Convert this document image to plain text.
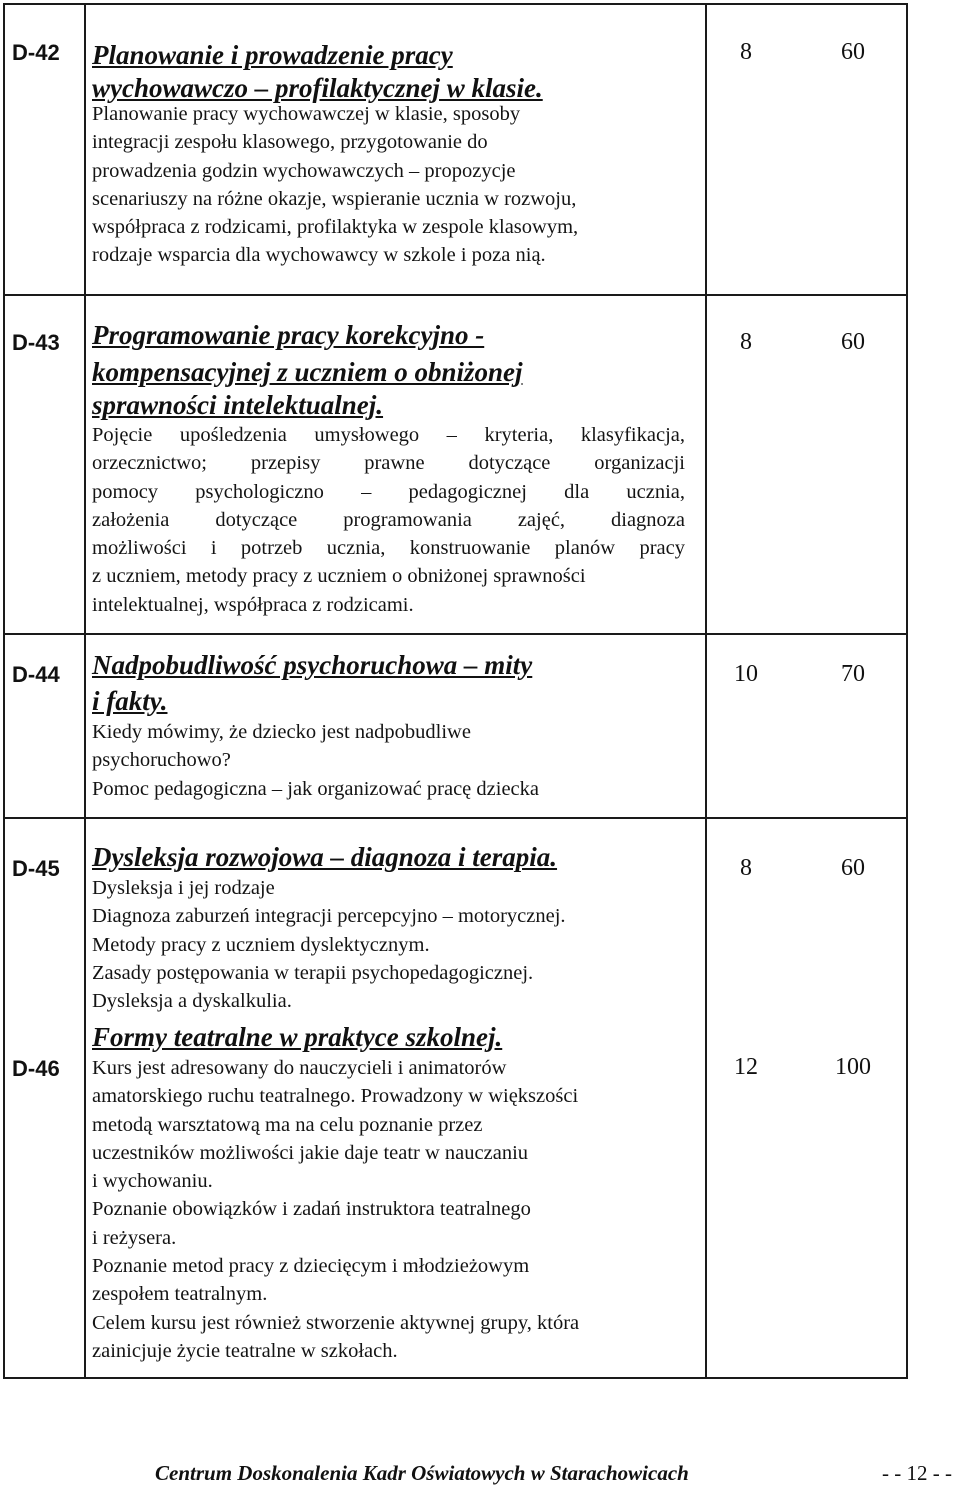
D-42 Planowanie i prowadzenie pracy
wychowawczo – profilaktycznej w klasie.
Planowanie pracy wychowawczej w klasie, sposoby
integracji zespołu klasowego, przygotowanie do
prowadzenia godzin wychowawczych – propozycje
scenariuszy na różne okazje, wspieranie ucznia w rozwoju,
współpraca z rodzicami, profilaktyka w zespole klasowym,
rodzaje wsparcia dla wychowawcy w szkole i poza nią.
8	60
D-43 Programowanie pracy korekcyjno -
kompensacyjnej z uczniem o obniżonej
sprawności intelektualnej.
Pojęcie upośledzenia umysłowego – kryteria, klasyfikacja,
orzecznictwo; przepisy prawne dotyczące organizacji
pomocy psychologiczno – pedagogicznej dla ucznia,
założenia dotyczące programowania zajęć, diagnoza
możliwości i potrzeb ucznia, konstruowanie planów pracy
z uczniem, metody pracy z uczniem o obniżonej sprawności
intelektualnej, współpraca z rodzicami.
8	60
D-44 Nadpobudliwość psychoruchowa – mity
i fakty.
Kiedy mówimy, że dziecko jest nadpobudliwe
psychoruchowo?
Pomoc pedagogiczna – jak organizować pracę dziecka
10	70
D-45 Dysleksja rozwojowa – diagnoza i terapia.
Dysleksja i jej rodzaje
Diagnoza zaburzeń integracji percepcyjno – motorycznej.
Metody pracy z uczniem dyslektycznym.
Zasady postępowania w terapii psychopedagogicznej.
Dysleksja a dyskalkulia.
8	60
D-46
Formy teatralne w praktyce szkolnej.
Kurs jest adresowany do nauczycieli i animatorów
amatorskiego ruchu teatralnego. Prowadzony w większości
metodą warsztatową ma na celu poznanie przez
uczestników możliwości jakie daje teatr w nauczaniu
i wychowaniu.
Poznanie obowiązków i zadań instruktora teatralnego
i reżysera.
Poznanie metod pracy z dziecięcym i młodzieżowym
zespołem teatralnym.
Celem kursu jest również stworzenie aktywnej grupy, która
zainicjuje życie teatralne w szkołach.
12	100
Centrum Doskonalenia Kadr Oświatowych w Starachowicach	- - 12 - -
